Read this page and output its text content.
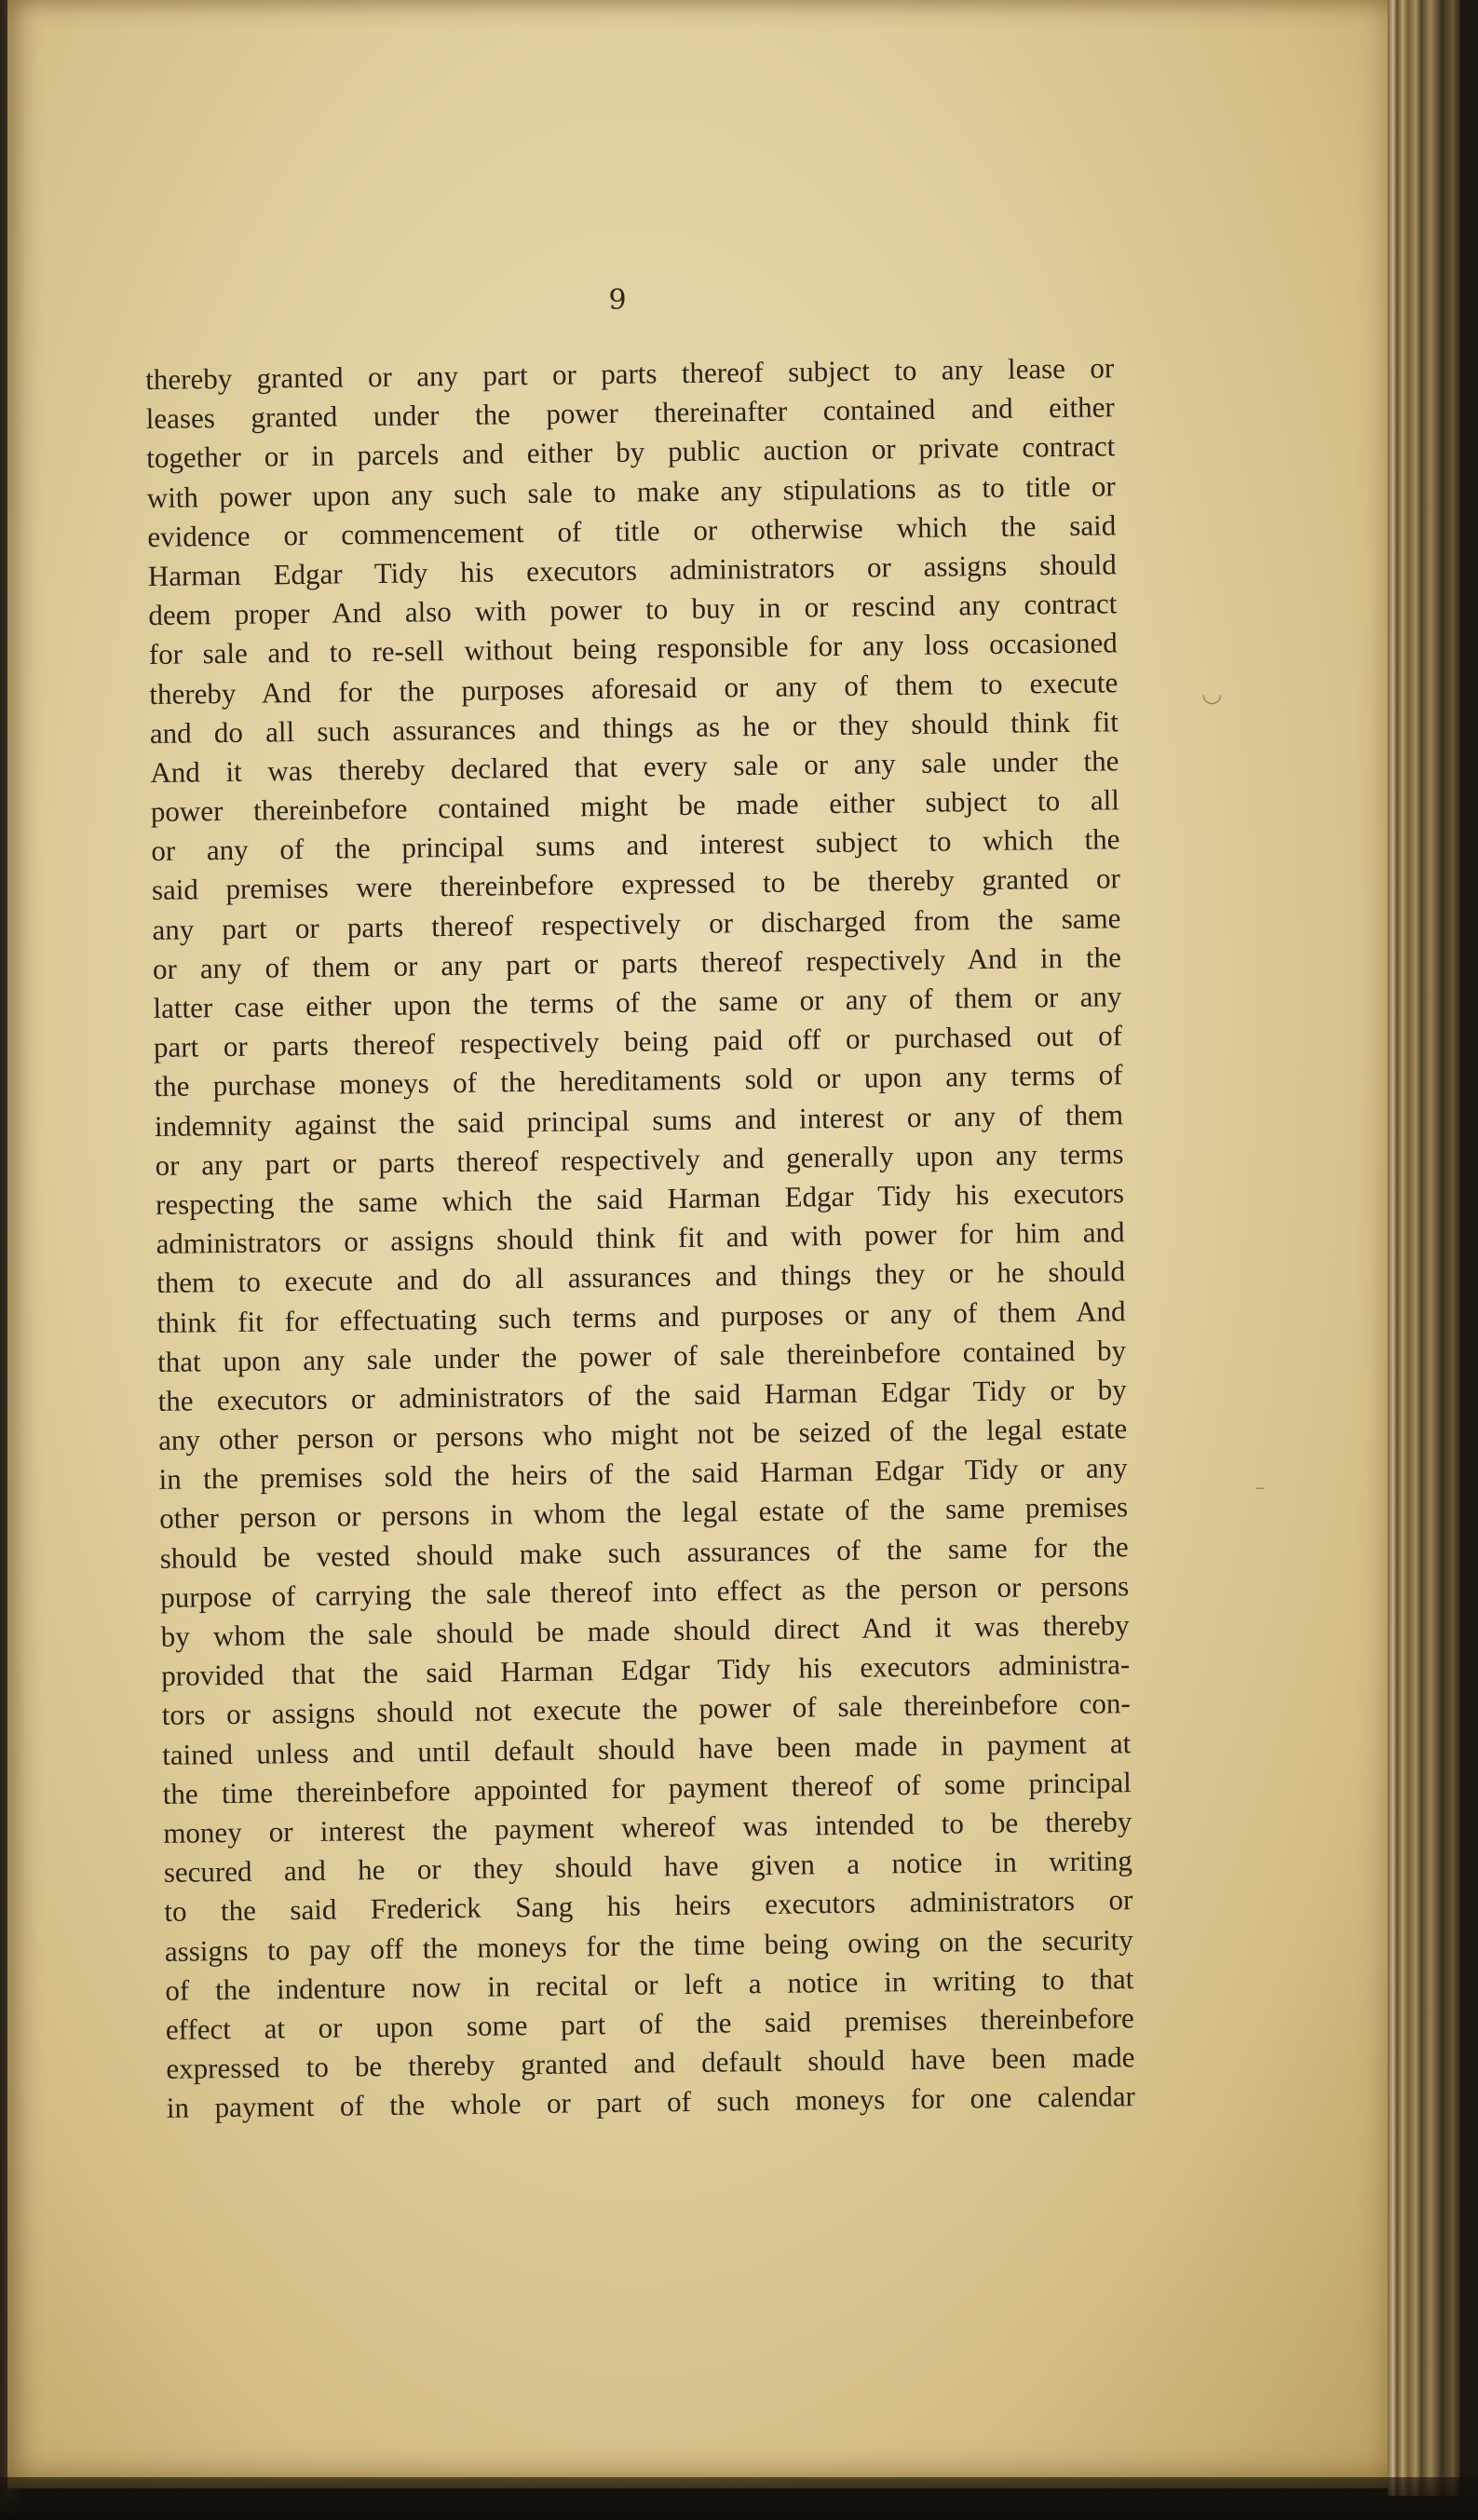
9
thereby granted or any part or parts thereof subject to any lease or
leases granted under the power thereinafter contained and either
together or in parcels and either by public auction or private contract
with power upon any such sale to make any stipulations as to title or
evidence or commencement of title or otherwise which the said
Harman Edgar Tidy his executors administrators or assigns should
deem proper And also with power to buy in or rescind any contract
for sale and to re-sell without being responsible for any loss occasioned
thereby And for the purposes aforesaid or any of them to execute
and do all such assurances and things as he or they should think fit
And it was thereby declared that every sale or any sale under the
power thereinbefore contained might be made either subject to all
or any of the principal sums and interest subject to which the
said premises were thereinbefore expressed to be thereby granted or
any part or parts thereof respectively or discharged from the same
or any of them or any part or parts thereof respectively And in the
latter case either upon the terms of the same or any of them or any
part or parts thereof respectively being paid off or purchased out of
the purchase moneys of the hereditaments sold or upon any terms of
indemnity against the said principal sums and interest or any of them
or any part or parts thereof respectively and generally upon any terms
respecting the same which the said Harman Edgar Tidy his executors
administrators or assigns should think fit and with power for him and
them to execute and do all assurances and things they or he should
think fit for effectuating such terms and purposes or any of them And
that upon any sale under the power of sale thereinbefore contained by
the executors or administrators of the said Harman Edgar Tidy or by
any other person or persons who might not be seized of the legal estate
in the premises sold the heirs of the said Harman Edgar Tidy or any
other person or persons in whom the legal estate of the same premises
should be vested should make such assurances of the same for the
purpose of carrying the sale thereof into effect as the person or persons
by whom the sale should be made should direct And it was thereby
provided that the said Harman Edgar Tidy his executors administra-
tors or assigns should not execute the power of sale thereinbefore con-
tained unless and until default should have been made in payment at
the time thereinbefore appointed for payment thereof of some principal
money or interest the payment whereof was intended to be thereby
secured and he or they should have given a notice in writing
to the said Frederick Sang his heirs executors administrators or
assigns to pay off the moneys for the time being owing on the security
of the indenture now in recital or left a notice in writing to that
effect at or upon some part of the said premises thereinbefore
expressed to be thereby granted and default should have been made
in payment of the whole or part of such moneys for one calendar
◡
–
